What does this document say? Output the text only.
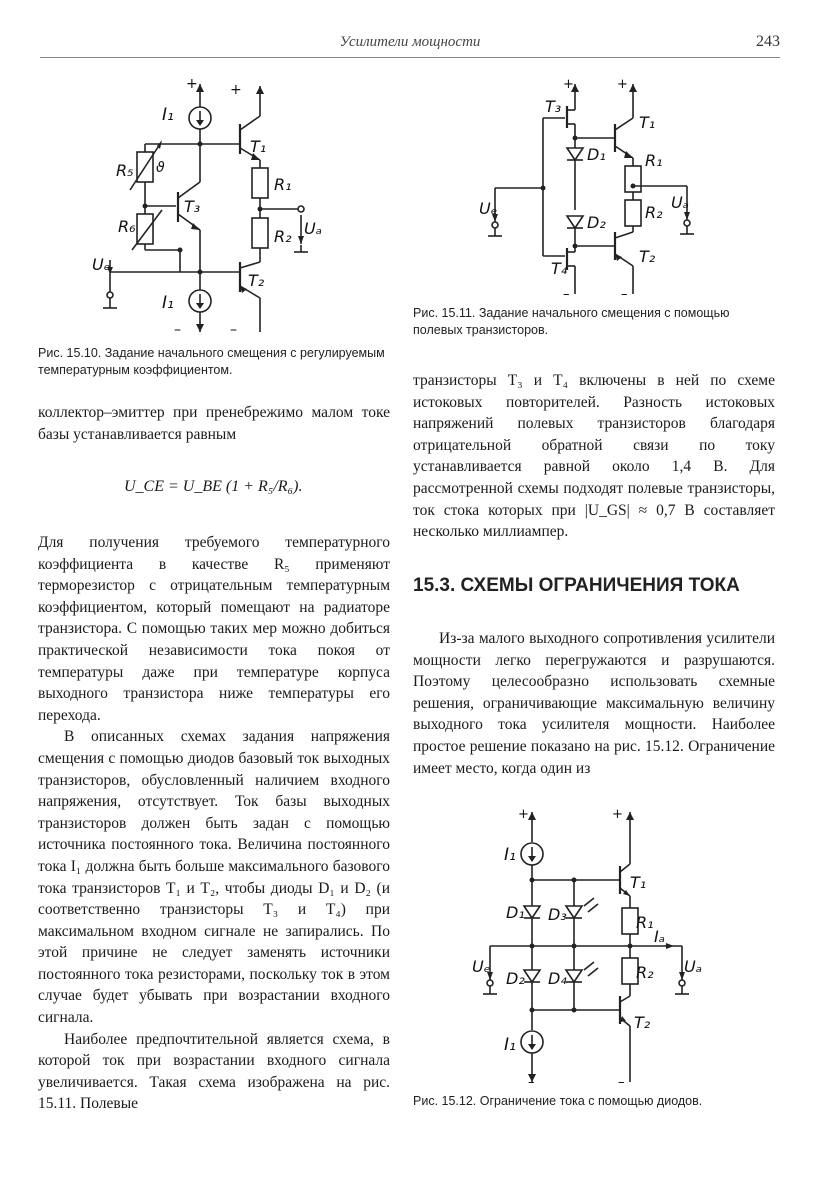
Усилители мощности	243
I₁
+ +
T₁
R₁
R₂ Uₐ
R₅ ϑ
T₃
R₆
Uₑ
T₂
I₁
–	–
Рис. 15.10. Задание начального смещения с регулируемым температурным коэффициентом.
T₃
+	+
T₁
D₁ R₁
D₂
R₂
Uₐ
Uₑ
T₄
T₂
–	–
Рис. 15.11. Задание начального смещения с помощью полевых транзисторов.

коллектор–эмиттер при пренебрежимо малом токе базы устанавливается равным

U_CE = U_BE (1 + R₅/R₆).

Для получения требуемого температурного коэффициента в качестве R₅ применяют терморезистор с отрицательным температурным коэффициентом, который помещают на радиаторе транзистора. С помощью таких мер можно добиться практической независимости тока покоя от температуры даже при температуре корпуса выходного транзистора ниже температуры его перехода.

В описанных схемах задания напряжения смещения с помощью диодов базовый ток выходных транзисторов, обусловленный наличием входного напряжения, отсутствует. Ток базы выходных транзисторов должен быть задан с помощью источника постоянного тока. Величина постоянного тока I₁ должна быть больше максимального базового тока транзисторов T₁ и T₂, чтобы диоды D₁ и D₂ (и соответственно транзисторы T₃ и T₄) при максимальном входном сигнале не запирались. По этой причине не следует заменять источники постоянного тока резисторами, поскольку ток в этом случае будет убывать при возрастании входного сигнала.

Наиболее предпочтительной является схема, в которой ток при возрастании входного сигнала увеличивается. Такая схема изображена на рис. 15.11. Полевые

транзисторы T₃ и T₄ включены в ней по схеме истоковых повторителей. Разность истоковых напряжений полевых транзисторов благодаря отрицательной обратной связи по току устанавливается равной около 1,4 В. Для рассмотренной схемы подходят полевые транзисторы, ток стока которых при |U_GS| ≈ 0,7 В составляет несколько миллиампер.

15.3. СХЕМЫ ОГРАНИЧЕНИЯ ТОКА

Из-за малого выходного сопротивления усилители мощности легко перегружаются и разрушаются. Поэтому целесообразно использовать схемные решения, ограничивающие максимальную величину выходного тока усилителя мощности. Наиболее простое решение показано на рис. 15.12. Ограничение имеет место, когда один из

I₁
+	+
T₁
D₁ D₃	R₁
Iₐ
Uₑ	Uₐ
D₂ D₄	R₂
T₂
I₁
–
–
Рис. 15.12. Ограничение тока с помощью диодов.
